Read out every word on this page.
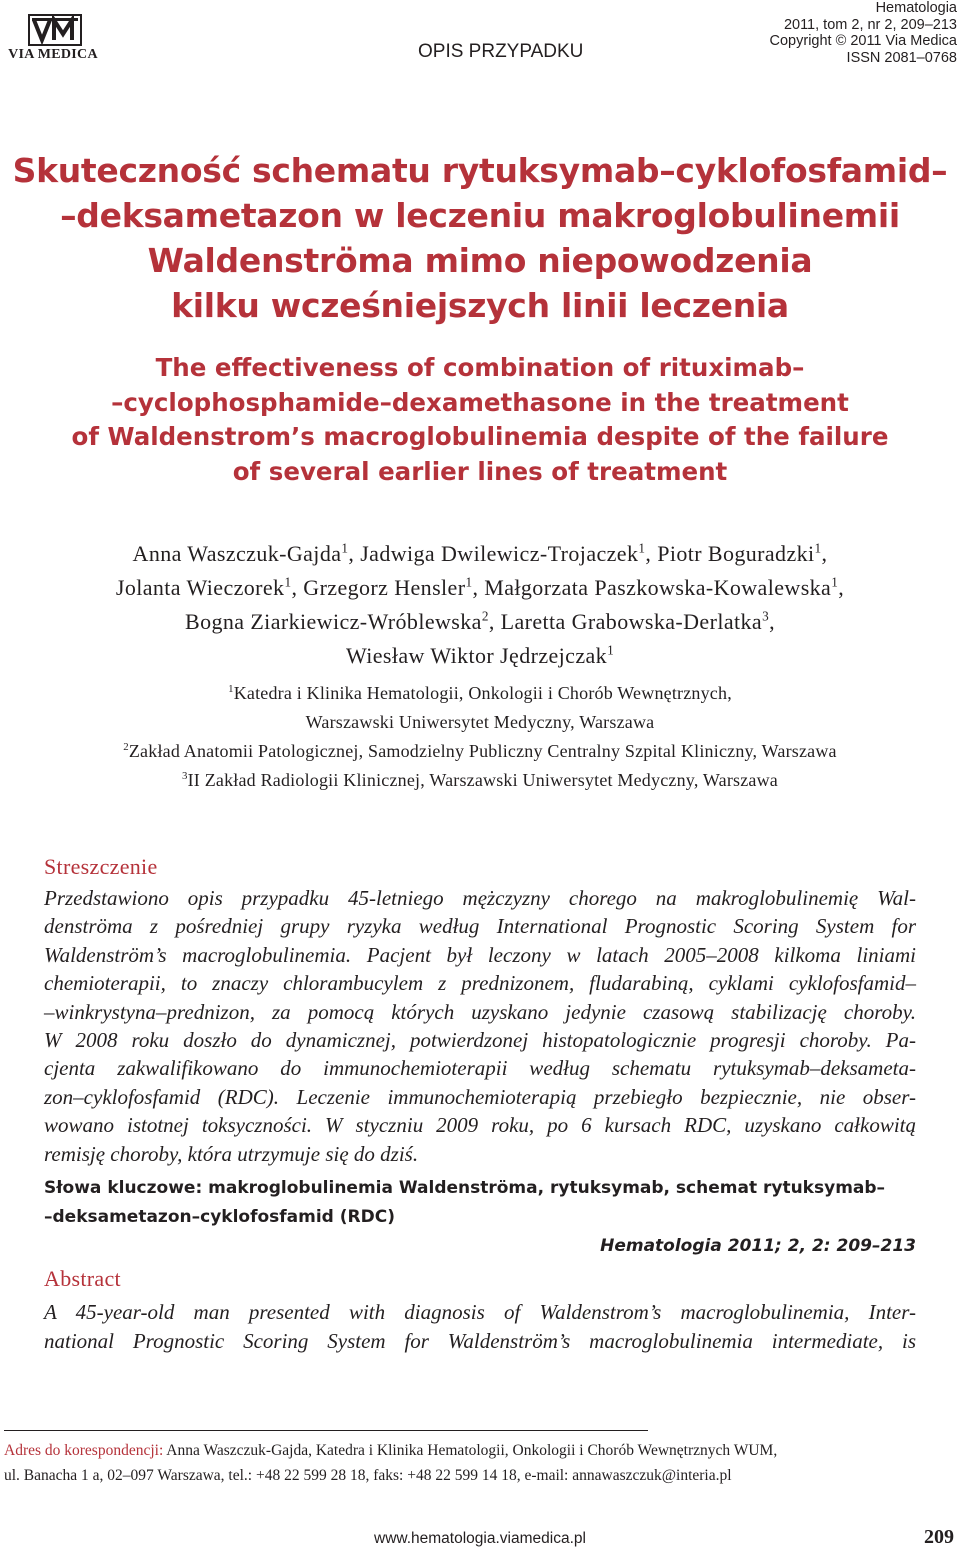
VIA MEDICA	OPIS PRZYPADKU
Hematologia
2011, tom 2, nr 2, 209–213
Copyright © 2011 Via Medica
ISSN 2081–0768
Skuteczność schematu rytuksymab–cyklofosfamid–
–deksametazon w leczeniu makroglobulinemii
Waldenströma mimo niepowodzenia
kilku wcześniejszych linii leczenia
The effectiveness of combination of rituximab–
–cyclophosphamide–dexamethasone in the treatment
of Waldenstrom’s macroglobulinemia despite of the failure
of several earlier lines of treatment
Anna Waszczuk-Gajda$^1$, Jadwiga Dwilewicz-Trojaczek$^1$, Piotr Boguradzki$^1$,
Jolanta Wieczorek$^1$, Grzegorz Hensler$^1$, Małgorzata Paszkowska-Kowalewska$^1$,
Bogna Ziarkiewicz-Wróblewska$^2$, Laretta Grabowska-Derlatka$^3$,
Wiesław Wiktor Jędrzejczak$^1$
$^1$Katedra i Klinika Hematologii, Onkologii i Chorób Wewnętrznych,
Warszawski Uniwersytet Medyczny, Warszawa
$^2$Zakład Anatomii Patologicznej, Samodzielny Publiczny Centralny Szpital Kliniczny, Warszawa
$^3$II Zakład Radiologii Klinicznej, Warszawski Uniwersytet Medyczny, Warszawa
Streszczenie
Przedstawiono opis przypadku 45-letniego mężczyzny chorego na makroglobulinemię Wal-
denströma z pośredniej grupy ryzyka według International Prognostic Scoring System for
Waldenström’s macroglobulinemia. Pacjent był leczony w latach 2005–2008 kilkoma liniami
chemioterapii, to znaczy chlorambucylem z prednizonem, fludarabiną, cyklami cyklofosfamid–
–winkrystyna–prednizon, za pomocą których uzyskano jedynie czasową stabilizację choroby.
W 2008 roku doszło do dynamicznej, potwierdzonej histopatologicznie progresji choroby. Pa-
cjenta zakwalifikowano do immunochemioterapii według schematu rytuksymab–deksameta-
zon–cyklofosfamid (RDC). Leczenie immunochemioterapią przebiegło bezpiecznie, nie obser-
wowano istotnej toksyczności. W styczniu 2009 roku, po 6 kursach RDC, uzyskano całkowitą
remisję choroby, która utrzymuje się do dziś.
Słowa kluczowe: makroglobulinemia Waldenströma, rytuksymab, schemat rytuksymab–
–deksametazon–cyklofosfamid (RDC)
Hematologia 2011; 2, 2: 209–213
Abstract
A 45-year-old man presented with diagnosis of Waldenstrom’s macroglobulinemia, Inter-
national Prognostic Scoring System for Waldenström’s macroglobulinemia intermediate, is
Adres do korespondencji: Anna Waszczuk-Gajda, Katedra i Klinika Hematologii, Onkologii i Chorób Wewnętrznych WUM,
ul. Banacha 1 a, 02–097 Warszawa, tel.: +48 22 599 28 18, faks: +48 22 599 14 18, e-mail: annawaszczuk@interia.pl
www.hematologia.viamedica.pl	209
